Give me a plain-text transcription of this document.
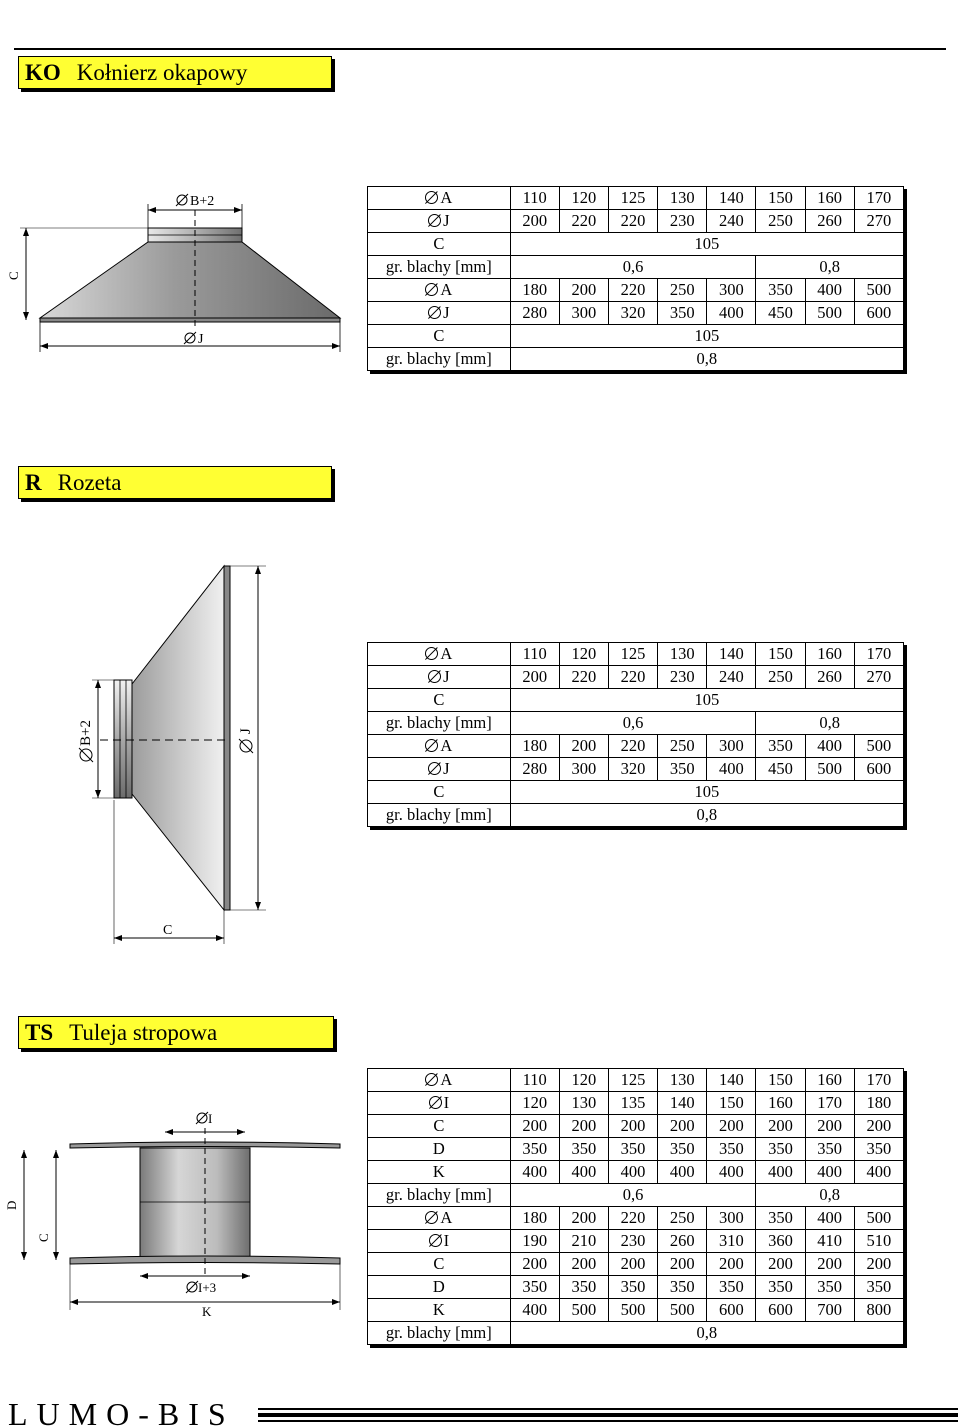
KO Kołnierz okapowy
B+2
J
C
A	110	120	125	130	140	150	160	170
J	200	220	220	230	240	250	260	270
C	105							
gr. blachy [mm]	0,6					0,8		
A	180	200	220	250	300	350	400	500
J	280	300	320	350	400	450	500	600
C	105							
gr. blachy [mm]	0,8							
R Rozeta
B+2	J
C
A	110	120	125	130	140	150	160	170
J	200	220	220	230	240	250	260	270
C	105							
gr. blachy [mm]	0,6					0,8		
A	180	200	220	250	300	350	400	500
J	280	300	320	350	400	450	500	600
C	105							
gr. blachy [mm]	0,8							
TS Tuleja stropowa
I
I+3
K
D
C
A	110	120	125	130	140	150	160	170
I	120	130	135	140	150	160	170	180
C	200	200	200	200	200	200	200	200
D	350	350	350	350	350	350	350	350
K	400	400	400	400	400	400	400	400
gr. blachy [mm]	0,6					0,8		
A	180	200	220	250	300	350	400	500
I	190	210	230	260	310	360	410	510
C	200	200	200	200	200	200	200	200
D	350	350	350	350	350	350	350	350
K	400	500	500	500	600	600	700	800
gr. blachy [mm]	0,8							
LUMO-BIS
